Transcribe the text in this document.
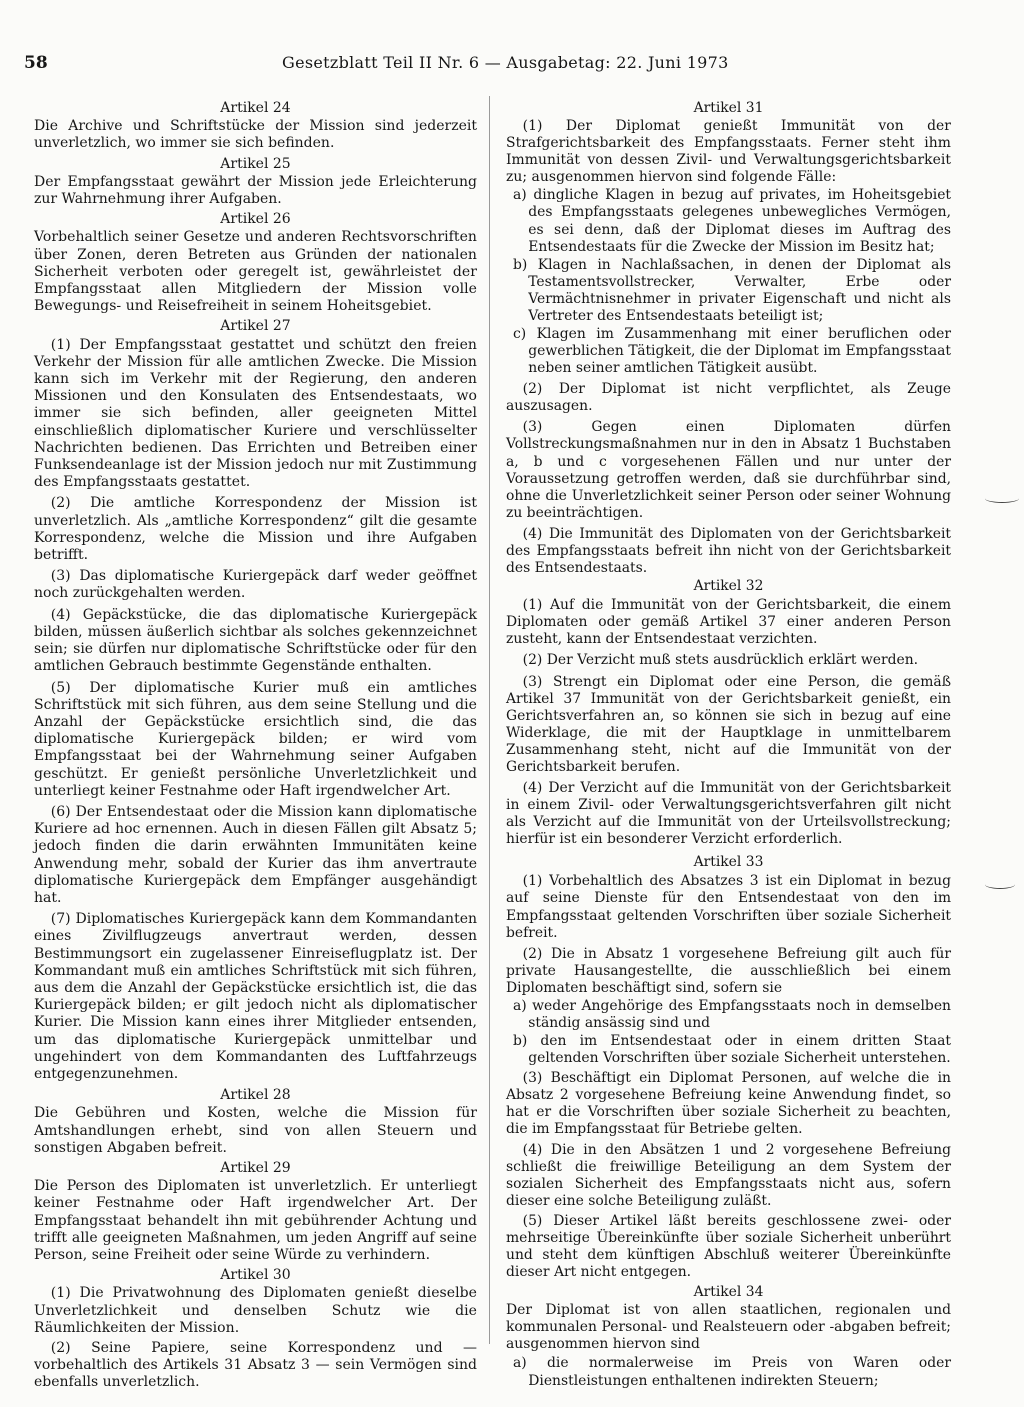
58	Gesetzblatt Teil II Nr. 6 — Ausgabetag: 22. Juni 1973

Artikel 24

Die Archive und Schriftstücke der Mission sind jederzeit unverletzlich, wo immer sie sich befinden.

Artikel 25

Der Empfangsstaat gewährt der Mission jede Erleichterung zur Wahrnehmung ihrer Aufgaben.

Artikel 26

Vorbehaltlich seiner Gesetze und anderen Rechtsvorschriften über Zonen, deren Betreten aus Gründen der nationalen Sicherheit verboten oder geregelt ist, gewährleistet der Empfangsstaat allen Mitgliedern der Mission volle Bewegungs- und Reisefreiheit in seinem Hoheitsgebiet.

Artikel 27

(1) Der Empfangsstaat gestattet und schützt den freien Verkehr der Mission für alle amtlichen Zwecke. Die Mission kann sich im Verkehr mit der Regierung, den anderen Missionen und den Konsulaten des Entsendestaats, wo immer sie sich befinden, aller geeigneten Mittel einschließlich diplomatischer Kuriere und verschlüsselter Nachrichten bedienen. Das Errichten und Betreiben einer Funksendeanlage ist der Mission jedoch nur mit Zustimmung des Empfangsstaats gestattet.

(2) Die amtliche Korrespondenz der Mission ist unverletzlich. Als „amtliche Korrespondenz“ gilt die gesamte Korrespondenz, welche die Mission und ihre Aufgaben betrifft.

(3) Das diplomatische Kuriergepäck darf weder geöffnet noch zurückgehalten werden.

(4) Gepäckstücke, die das diplomatische Kuriergepäck bilden, müssen äußerlich sichtbar als solches gekennzeichnet sein; sie dürfen nur diplomatische Schriftstücke oder für den amtlichen Gebrauch bestimmte Gegenstände enthalten.

(5) Der diplomatische Kurier muß ein amtliches Schriftstück mit sich führen, aus dem seine Stellung und die Anzahl der Gepäckstücke ersichtlich sind, die das diplomatische Kuriergepäck bilden; er wird vom Empfangsstaat bei der Wahrnehmung seiner Aufgaben geschützt. Er genießt persönliche Unverletzlichkeit und unterliegt keiner Festnahme oder Haft irgendwelcher Art.

(6) Der Entsendestaat oder die Mission kann diplomatische Kuriere ad hoc ernennen. Auch in diesen Fällen gilt Absatz 5; jedoch finden die darin erwähnten Immunitäten keine Anwendung mehr, sobald der Kurier das ihm anvertraute diplomatische Kuriergepäck dem Empfänger ausgehändigt hat.

(7) Diplomatisches Kuriergepäck kann dem Kommandanten eines Zivilflugzeugs anvertraut werden, dessen Bestimmungsort ein zugelassener Einreiseflugplatz ist. Der Kommandant muß ein amtliches Schriftstück mit sich führen, aus dem die Anzahl der Gepäckstücke ersichtlich ist, die das Kuriergepäck bilden; er gilt jedoch nicht als diplomatischer Kurier. Die Mission kann eines ihrer Mitglieder entsenden, um das diplomatische Kuriergepäck unmittelbar und ungehindert von dem Kommandanten des Luftfahrzeugs entgegenzunehmen.

Artikel 28

Die Gebühren und Kosten, welche die Mission für Amtshandlungen erhebt, sind von allen Steuern und sonstigen Abgaben befreit.

Artikel 29

Die Person des Diplomaten ist unverletzlich. Er unterliegt keiner Festnahme oder Haft irgendwelcher Art. Der Empfangsstaat behandelt ihn mit gebührender Achtung und trifft alle geeigneten Maßnahmen, um jeden Angriff auf seine Person, seine Freiheit oder seine Würde zu verhindern.

Artikel 30

(1) Die Privatwohnung des Diplomaten genießt dieselbe Unverletzlichkeit und denselben Schutz wie die Räumlichkeiten der Mission.

(2) Seine Papiere, seine Korrespondenz und — vorbehaltlich des Artikels 31 Absatz 3 — sein Vermögen sind ebenfalls unverletzlich.

Artikel 31

(1) Der Diplomat genießt Immunität von der Strafgerichtsbarkeit des Empfangsstaats. Ferner steht ihm Immunität von dessen Zivil- und Verwaltungsgerichtsbarkeit zu; ausgenommen hiervon sind folgende Fälle:

a) dingliche Klagen in bezug auf privates, im Hoheitsgebiet des Empfangsstaats gelegenes unbewegliches Vermögen, es sei denn, daß der Diplomat dieses im Auftrag des Entsendestaats für die Zwecke der Mission im Besitz hat;

b) Klagen in Nachlaßsachen, in denen der Diplomat als Testamentsvollstrecker, Verwalter, Erbe oder Vermächtnisnehmer in privater Eigenschaft und nicht als Vertreter des Entsendestaats beteiligt ist;

c) Klagen im Zusammenhang mit einer beruflichen oder gewerblichen Tätigkeit, die der Diplomat im Empfangsstaat neben seiner amtlichen Tätigkeit ausübt.

(2) Der Diplomat ist nicht verpflichtet, als Zeuge auszusagen.

(3) Gegen einen Diplomaten dürfen Vollstreckungsmaßnahmen nur in den in Absatz 1 Buchstaben a, b und c vorgesehenen Fällen und nur unter der Voraussetzung getroffen werden, daß sie durchführbar sind, ohne die Unverletzlichkeit seiner Person oder seiner Wohnung zu beeinträchtigen.

(4) Die Immunität des Diplomaten von der Gerichtsbarkeit des Empfangsstaats befreit ihn nicht von der Gerichtsbarkeit des Entsendestaats.

Artikel 32

(1) Auf die Immunität von der Gerichtsbarkeit, die einem Diplomaten oder gemäß Artikel 37 einer anderen Person zusteht, kann der Entsendestaat verzichten.

(2) Der Verzicht muß stets ausdrücklich erklärt werden.

(3) Strengt ein Diplomat oder eine Person, die gemäß Artikel 37 Immunität von der Gerichtsbarkeit genießt, ein Gerichtsverfahren an, so können sie sich in bezug auf eine Widerklage, die mit der Hauptklage in unmittelbarem Zusammenhang steht, nicht auf die Immunität von der Gerichtsbarkeit berufen.

(4) Der Verzicht auf die Immunität von der Gerichtsbarkeit in einem Zivil- oder Verwaltungsgerichtsverfahren gilt nicht als Verzicht auf die Immunität von der Urteilsvollstreckung; hierfür ist ein besonderer Verzicht erforderlich.

Artikel 33

(1) Vorbehaltlich des Absatzes 3 ist ein Diplomat in bezug auf seine Dienste für den Entsendestaat von den im Empfangsstaat geltenden Vorschriften über soziale Sicherheit befreit.

(2) Die in Absatz 1 vorgesehene Befreiung gilt auch für private Hausangestellte, die ausschließlich bei einem Diplomaten beschäftigt sind, sofern sie

a) weder Angehörige des Empfangsstaats noch in demselben ständig ansässig sind und

b) den im Entsendestaat oder in einem dritten Staat geltenden Vorschriften über soziale Sicherheit unterstehen.

(3) Beschäftigt ein Diplomat Personen, auf welche die in Absatz 2 vorgesehene Befreiung keine Anwendung findet, so hat er die Vorschriften über soziale Sicherheit zu beachten, die im Empfangsstaat für Betriebe gelten.

(4) Die in den Absätzen 1 und 2 vorgesehene Befreiung schließt die freiwillige Beteiligung an dem System der sozialen Sicherheit des Empfangsstaats nicht aus, sofern dieser eine solche Beteiligung zuläßt.

(5) Dieser Artikel läßt bereits geschlossene zwei- oder mehrseitige Übereinkünfte über soziale Sicherheit unberührt und steht dem künftigen Abschluß weiterer Übereinkünfte dieser Art nicht entgegen.

Artikel 34

Der Diplomat ist von allen staatlichen, regionalen und kommunalen Personal- und Realsteuern oder -abgaben befreit; ausgenommen hiervon sind

a) die normalerweise im Preis von Waren oder Dienstleistungen enthaltenen indirekten Steuern;
